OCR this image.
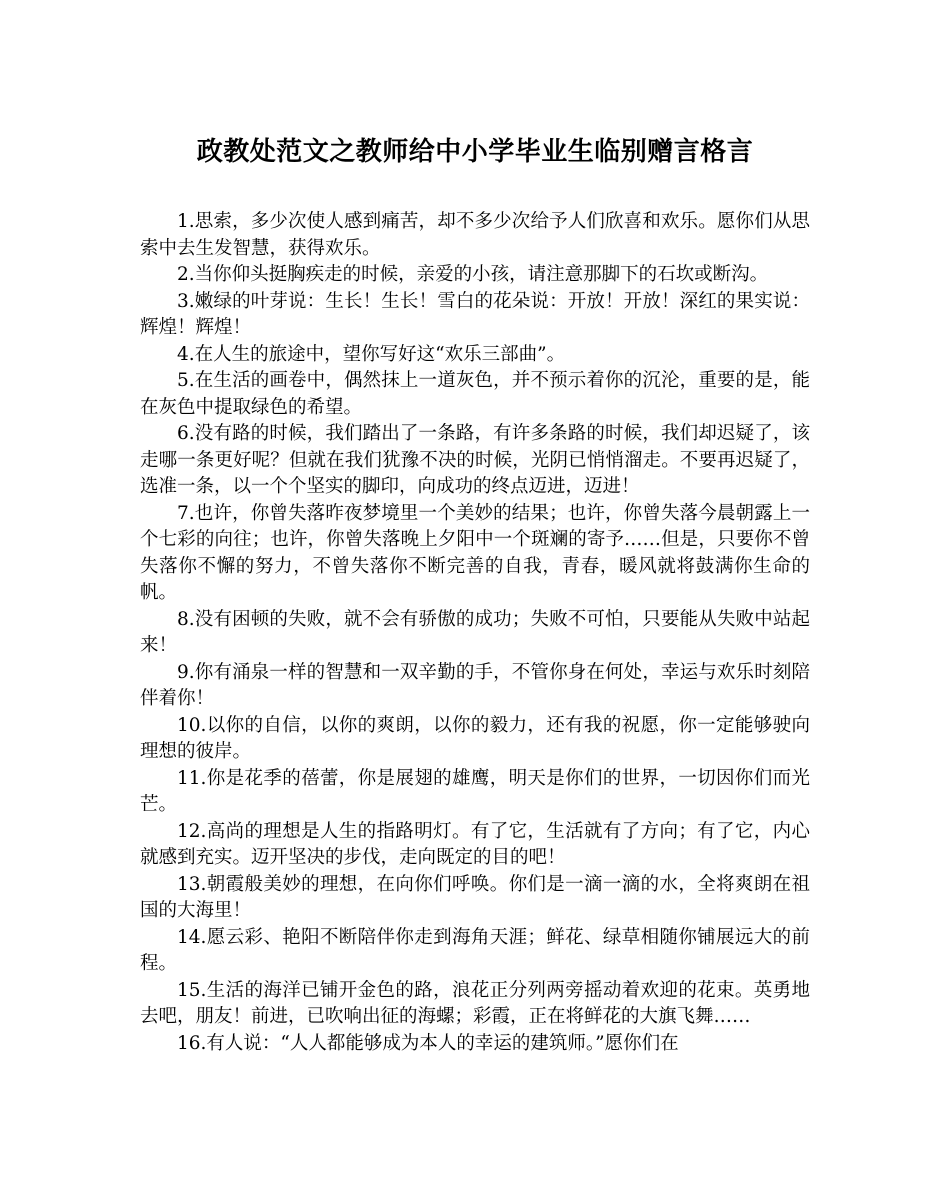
政教处范文之教师给中小学毕业生临别赠言格言

1.思索，多少次使人感到痛苦，却不多少次给予人们欣喜和欢乐。愿你们从思索中去生发智慧，获得欢乐。

2.当你仰头挺胸疾走的时候，亲爱的小孩，请注意那脚下的石坎或断沟。

3.嫩绿的叶芽说：生长！生长！雪白的花朵说：开放！开放！深红的果实说：辉煌！辉煌！

4.在人生的旅途中，望你写好这“欢乐三部曲”。

5.在生活的画卷中，偶然抹上一道灰色，并不预示着你的沉沦，重要的是，能在灰色中提取绿色的希望。

6.没有路的时候，我们踏出了一条路，有许多条路的时候，我们却迟疑了，该走哪一条更好呢？但就在我们犹豫不决的时候，光阴已悄悄溜走。不要再迟疑了，选准一条，以一个个坚实的脚印，向成功的终点迈进，迈进！

7.也许，你曾失落昨夜梦境里一个美妙的结果；也许，你曾失落今晨朝露上一个七彩的向往；也许，你曾失落晚上夕阳中一个斑斓的寄予……但是，只要你不曾失落你不懈的努力，不曾失落你不断完善的自我，青春，暖风就将鼓满你生命的帆。

8.没有困顿的失败，就不会有骄傲的成功；失败不可怕，只要能从失败中站起来！

9.你有涌泉一样的智慧和一双辛勤的手，不管你身在何处，幸运与欢乐时刻陪伴着你！

10.以你的自信，以你的爽朗，以你的毅力，还有我的祝愿，你一定能够驶向理想的彼岸。

11.你是花季的蓓蕾，你是展翅的雄鹰，明天是你们的世界，一切因你们而光芒。

12.高尚的理想是人生的指路明灯。有了它，生活就有了方向；有了它，内心就感到充实。迈开坚决的步伐，走向既定的目的吧！

13.朝霞般美妙的理想，在向你们呼唤。你们是一滴一滴的水，全将爽朗在祖国的大海里！

14.愿云彩、艳阳不断陪伴你走到海角天涯；鲜花、绿草相随你铺展远大的前程。

15.生活的海洋已铺开金色的路，浪花正分列两旁摇动着欢迎的花束。英勇地去吧，朋友！前进，已吹响出征的海螺；彩霞，正在将鲜花的大旗飞舞……

16.有人说：“人人都能够成为本人的幸运的建筑师。”愿你们在
